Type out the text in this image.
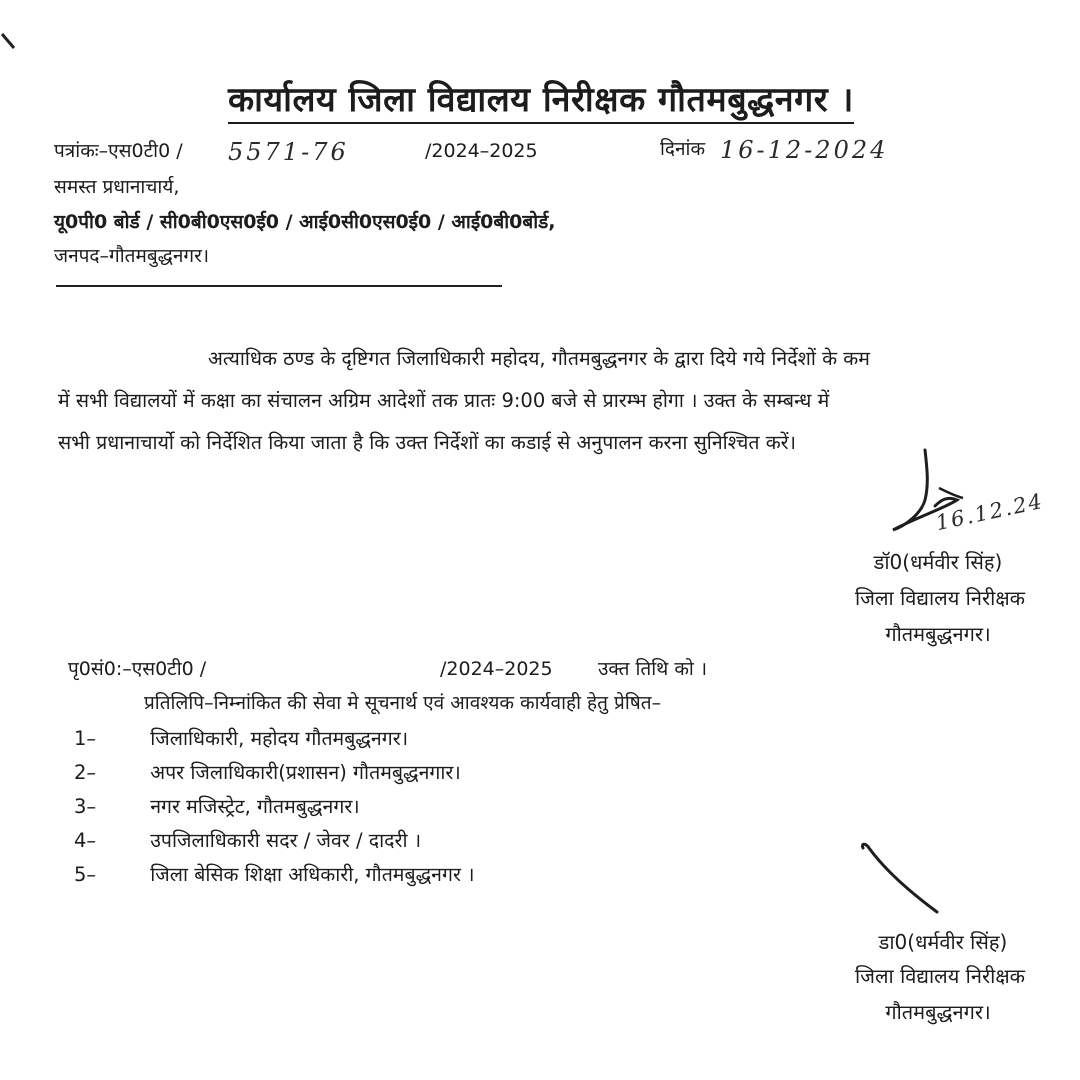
कार्यालय जिला विद्यालय निरीक्षक गौतमबुद्धनगर ।
पत्रांकः–एस0टी0 / 5571-76	/2024–2025	दिनांक 16-12-2024
समस्त प्रधानाचार्य,
यू0पी0 बोर्ड / सी0बी0एस0ई0 / आई0सी0एस0ई0 / आई0बी0बोर्ड,
जनपद–गौतमबुद्धनगर।

अत्याधिक ठण्ड के दृष्टिगत जिलाधिकारी महोदय, गौतमबुद्धनगर के द्वारा दिये गये निर्देशों के कम

में सभी विद्यालयों में कक्षा का संचालन अग्रिम आदेशों तक प्रातः 9:00 बजे से प्रारम्भ होगा । उक्त के सम्बन्ध में

सभी प्रधानाचार्यो को निर्देशित किया जाता है कि उक्त निर्देशों का कडाई से अनुपालन करना सुनिश्चित करें।

16.12.24
डॉ0(धर्मवीर सिंह)
जिला विद्यालय निरीक्षक
गौतमबुद्धनगर।
पृ0सं0:–एस0टी0 /	/2024–2025 उक्त तिथि को ।
प्रतिलिपि–निम्नांकित की सेवा मे सूचनार्थ एवं आवश्यक कार्यवाही हेतु प्रेषित–
1–	जिलाधिकारी, महोदय गौतमबुद्धनगर।
2–	अपर जिलाधिकारी(प्रशासन) गौतमबुद्धनगार।
3–	नगर मजिस्ट्रेट, गौतमबुद्धनगर।
4–	उपजिलाधिकारी सदर / जेवर / दादरी ।
5–	जिला बेसिक शिक्षा अधिकारी, गौतमबुद्धनगर ।
डा0(धर्मवीर सिंह)
जिला विद्यालय निरीक्षक
गौतमबुद्धनगर।
